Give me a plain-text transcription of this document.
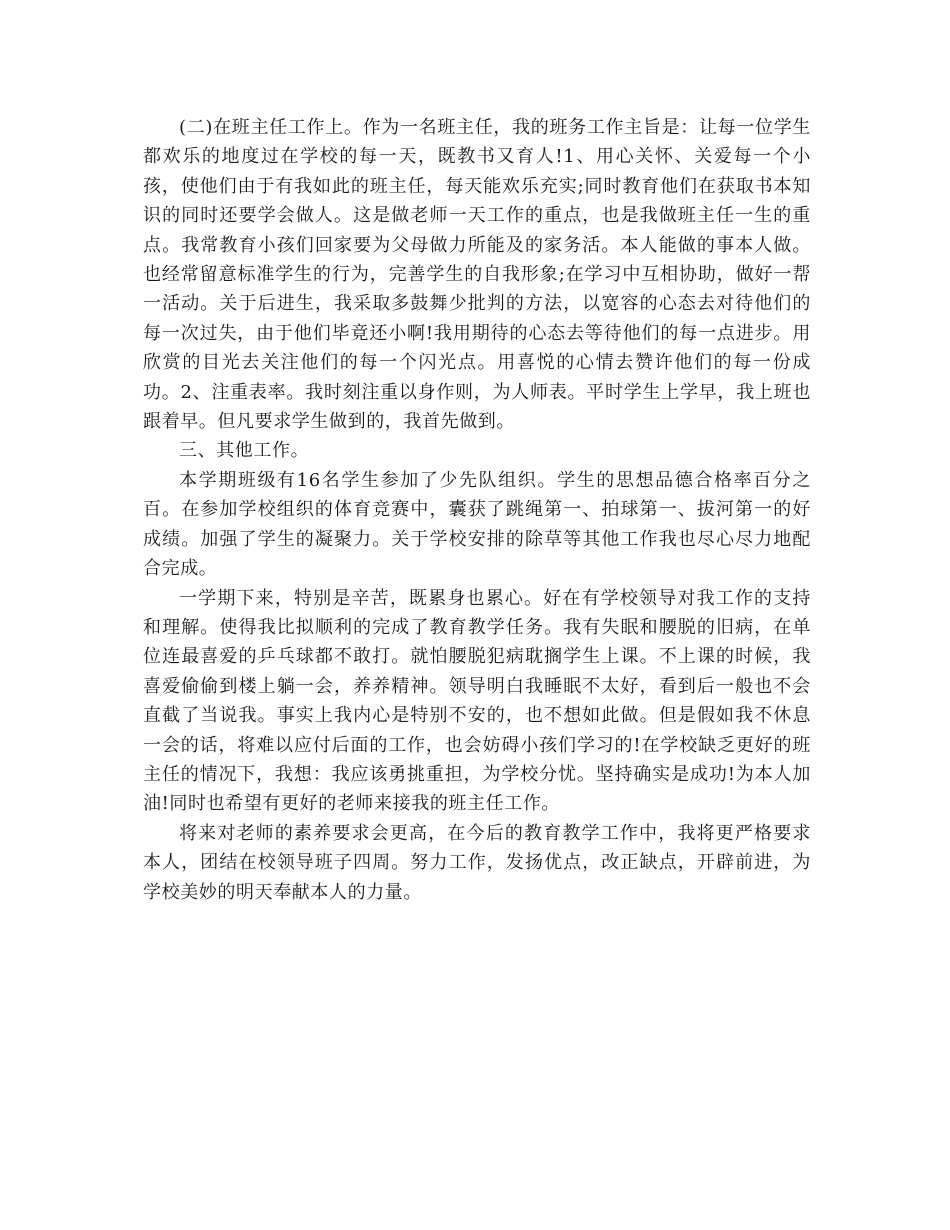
(二)在班主任工作上。作为一名班主任，我的班务工作主旨是：让每一位学生都欢乐的地度过在学校的每一天，既教书又育人!1、用心关怀、关爱每一个小孩，使他们由于有我如此的班主任，每天能欢乐充实;同时教育他们在获取书本知识的同时还要学会做人。这是做老师一天工作的重点，也是我做班主任一生的重点。我常教育小孩们回家要为父母做力所能及的家务活。本人能做的事本人做。也经常留意标准学生的行为，完善学生的自我形象;在学习中互相协助，做好一帮一活动。关于后进生，我采取多鼓舞少批判的方法，以宽容的心态去对待他们的每一次过失，由于他们毕竟还小啊!我用期待的心态去等待他们的每一点进步。用欣赏的目光去关注他们的每一个闪光点。用喜悦的心情去赞许他们的每一份成功。2、注重表率。我时刻注重以身作则，为人师表。平时学生上学早，我上班也跟着早。但凡要求学生做到的，我首先做到。

三、其他工作。

本学期班级有16名学生参加了少先队组织。学生的思想品德合格率百分之百。在参加学校组织的体育竞赛中，囊获了跳绳第一、拍球第一、拔河第一的好成绩。加强了学生的凝聚力。关于学校安排的除草等其他工作我也尽心尽力地配合完成。

一学期下来，特别是辛苦，既累身也累心。好在有学校领导对我工作的支持和理解。使得我比拟顺利的完成了教育教学任务。我有失眠和腰脱的旧病，在单位连最喜爱的乒乓球都不敢打。就怕腰脱犯病耽搁学生上课。不上课的时候，我喜爱偷偷到楼上躺一会，养养精神。领导明白我睡眠不太好，看到后一般也不会直截了当说我。事实上我内心是特别不安的，也不想如此做。但是假如我不休息一会的话，将难以应付后面的工作，也会妨碍小孩们学习的!在学校缺乏更好的班主任的情况下，我想：我应该勇挑重担，为学校分忧。坚持确实是成功!为本人加油!同时也希望有更好的老师来接我的班主任工作。

将来对老师的素养要求会更高，在今后的教育教学工作中，我将更严格要求本人，团结在校领导班子四周。努力工作，发扬优点，改正缺点，开辟前进，为学校美妙的明天奉献本人的力量。
